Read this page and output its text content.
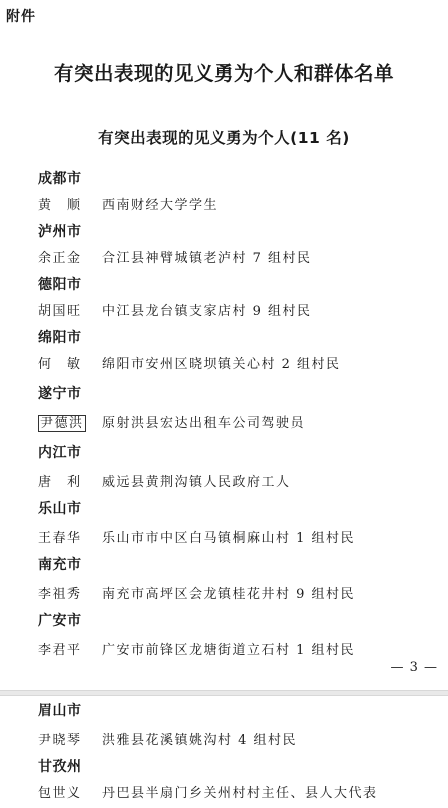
附件
有突出表现的见义勇为个人和群体名单
有突出表现的见义勇为个人(11 名)
成都市
黄　顺	西南财经大学学生
泸州市
余正金	合江县神臂城镇老泸村 7 组村民
德阳市
胡国旺	中江县龙台镇支家店村 9 组村民
绵阳市
何　敏	绵阳市安州区晓坝镇关心村 2 组村民
遂宁市
尹德洪	原射洪县宏达出租车公司驾驶员
内江市
唐　利	威远县黄荆沟镇人民政府工人
乐山市
王春华	乐山市市中区白马镇桐麻山村 1 组村民
南充市
李祖秀	南充市高坪区会龙镇桂花井村 9 组村民
广安市
李君平	广安市前锋区龙塘街道立石村 1 组村民
— 3 —
眉山市
尹晓琴	洪雅县花溪镇姚沟村 4 组村民
甘孜州
包世义	丹巴县半扇门乡关州村村主任、县人大代表
